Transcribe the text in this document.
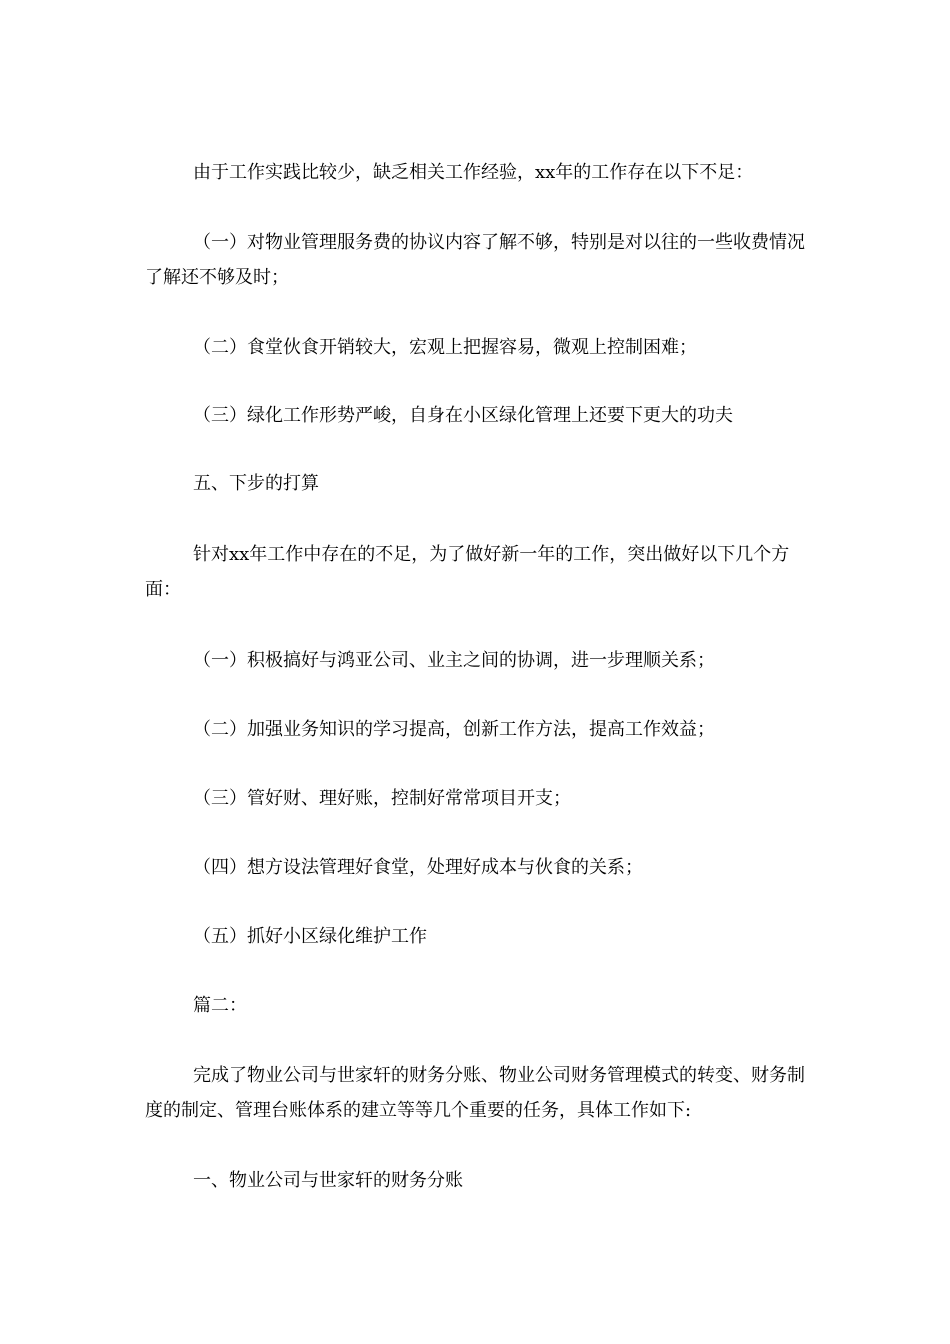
由于工作实践比较少，缺乏相关工作经验，xx年的工作存在以下不足：

（一）对物业管理服务费的协议内容了解不够，特别是对以往的一些收费情况了解还不够及时；

（二）食堂伙食开销较大，宏观上把握容易，微观上控制困难；

（三）绿化工作形势严峻，自身在小区绿化管理上还要下更大的功夫

五、下步的打算

针对xx年工作中存在的不足，为了做好新一年的工作，突出做好以下几个方面：

（一）积极搞好与鸿亚公司、业主之间的协调，进一步理顺关系；

（二）加强业务知识的学习提高，创新工作方法，提高工作效益；

（三）管好财、理好账，控制好常常项目开支；

（四）想方设法管理好食堂，处理好成本与伙食的关系；

（五）抓好小区绿化维护工作

篇二：

完成了物业公司与世家轩的财务分账、物业公司财务管理模式的转变、财务制度的制定、管理台账体系的建立等等几个重要的任务，具体工作如下:

一、物业公司与世家轩的财务分账
